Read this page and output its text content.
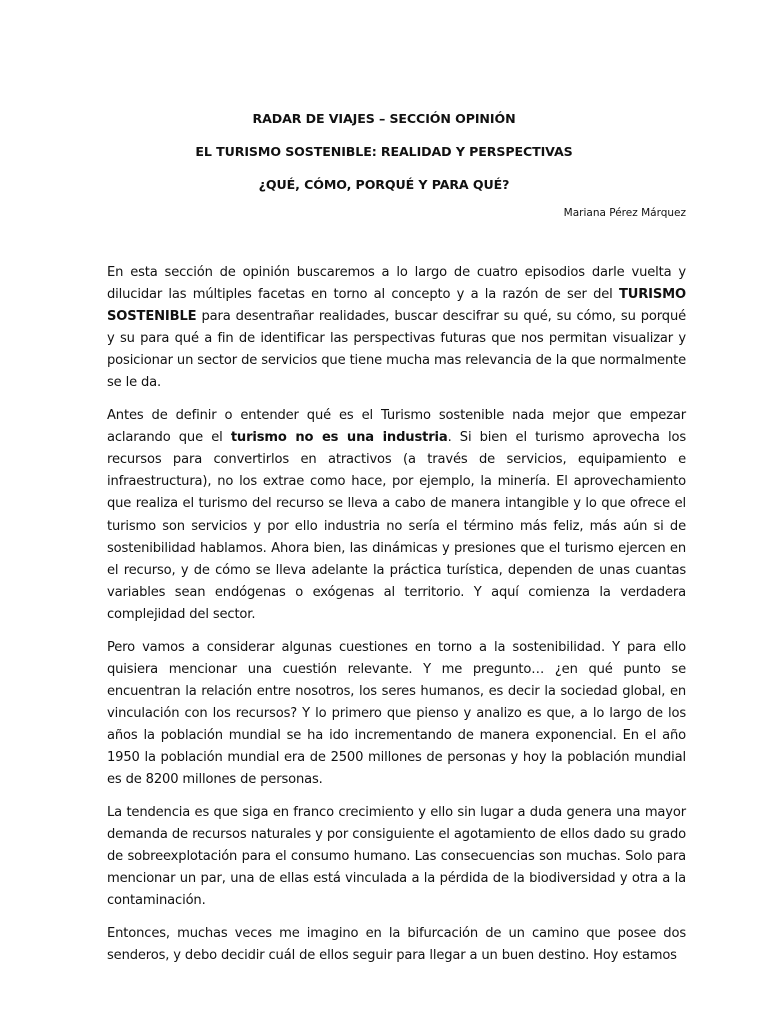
RADAR DE VIAJES – SECCIÓN OPINIÓN
EL TURISMO SOSTENIBLE: REALIDAD Y PERSPECTIVAS
¿QUÉ, CÓMO, PORQUÉ Y PARA QUÉ?
Mariana Pérez Márquez

En esta sección de opinión buscaremos a lo largo de cuatro episodios darle vuelta y dilucidar las múltiples facetas en torno al concepto y a la razón de ser del TURISMO SOSTENIBLE para desentrañar realidades, buscar descifrar su qué, su cómo, su porqué y su para qué a fin de identificar las perspectivas futuras que nos permitan visualizar y posicionar un sector de servicios que tiene mucha mas relevancia de la que normalmente se le da.

Antes de definir o entender qué es el Turismo sostenible nada mejor que empezar aclarando que el turismo no es una industria. Si bien el turismo aprovecha los recursos para convertirlos en atractivos (a través de servicios, equipamiento e infraestructura), no los extrae como hace, por ejemplo, la minería. El aprovechamiento que realiza el turismo del recurso se lleva a cabo de manera intangible y lo que ofrece el turismo son servicios y por ello industria no sería el término más feliz, más aún si de sostenibilidad hablamos. Ahora bien, las dinámicas y presiones que el turismo ejercen en el recurso, y de cómo se lleva adelante la práctica turística, dependen de unas cuantas variables sean endógenas o exógenas al territorio. Y aquí comienza la verdadera complejidad del sector.

Pero vamos a considerar algunas cuestiones en torno a la sostenibilidad. Y para ello quisiera mencionar una cuestión relevante. Y me pregunto… ¿en qué punto se encuentran la relación entre nosotros, los seres humanos, es decir la sociedad global, en vinculación con los recursos? Y lo primero que pienso y analizo es que, a lo largo de los años la población mundial se ha ido incrementando de manera exponencial. En el año 1950 la población mundial era de 2500 millones de personas y hoy la población mundial es de 8200 millones de personas.

La tendencia es que siga en franco crecimiento y ello sin lugar a duda genera una mayor demanda de recursos naturales y por consiguiente el agotamiento de ellos dado su grado de sobreexplotación para el consumo humano. Las consecuencias son muchas. Solo para mencionar un par, una de ellas está vinculada a la pérdida de la biodiversidad y otra a la contaminación.

Entonces, muchas veces me imagino en la bifurcación de un camino que posee dos senderos, y debo decidir cuál de ellos seguir para llegar a un buen destino. Hoy estamos
